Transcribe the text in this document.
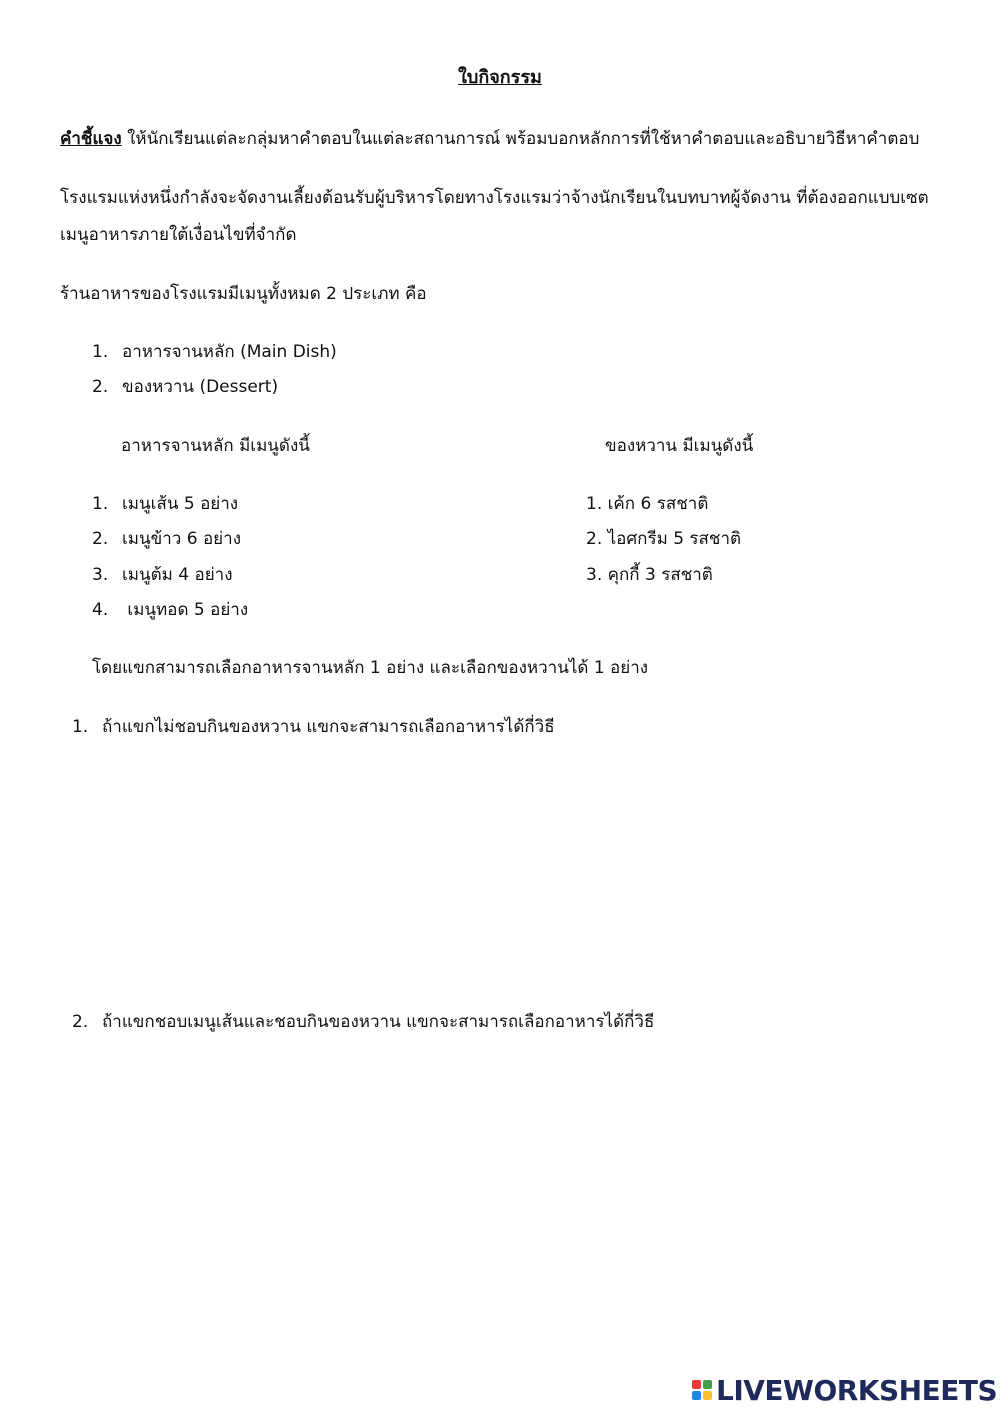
ใบกิจกรรม
คำชี้แจง ให้นักเรียนแต่ละกลุ่มหาคำตอบในแต่ละสถานการณ์ พร้อมบอกหลักการที่ใช้หาคำตอบและอธิบายวิธีหาคำตอบ
โรงแรมแห่งหนึ่งกำลังจะจัดงานเลี้ยงต้อนรับผู้บริหารโดยทางโรงแรมว่าจ้างนักเรียนในบทบาทผู้จัดงาน ที่ต้องออกแบบเซต
เมนูอาหารภายใต้เงื่อนไขที่จำกัด
ร้านอาหารของโรงแรมมีเมนูทั้งหมด 2 ประเภท คือ
1. อาหารจานหลัก (Main Dish)
2. ของหวาน (Dessert)
อาหารจานหลัก มีเมนูดังนี้	ของหวาน มีเมนูดังนี้
1. เมนูเส้น 5 อย่าง
2. เมนูข้าว 6 อย่าง
3. เมนูต้ม 4 อย่าง
4. เมนูทอด 5 อย่าง
1. เค้ก 6 รสชาติ
2. ไอศกรีม 5 รสชาติ
3. คุกกี้ 3 รสชาติ
โดยแขกสามารถเลือกอาหารจานหลัก 1 อย่าง และเลือกของหวานได้ 1 อย่าง
1. ถ้าแขกไม่ชอบกินของหวาน แขกจะสามารถเลือกอาหารได้กี่วิธี
2. ถ้าแขกชอบเมนูเส้นและชอบกินของหวาน แขกจะสามารถเลือกอาหารได้กี่วิธี
LIVEWORKSHEETS
